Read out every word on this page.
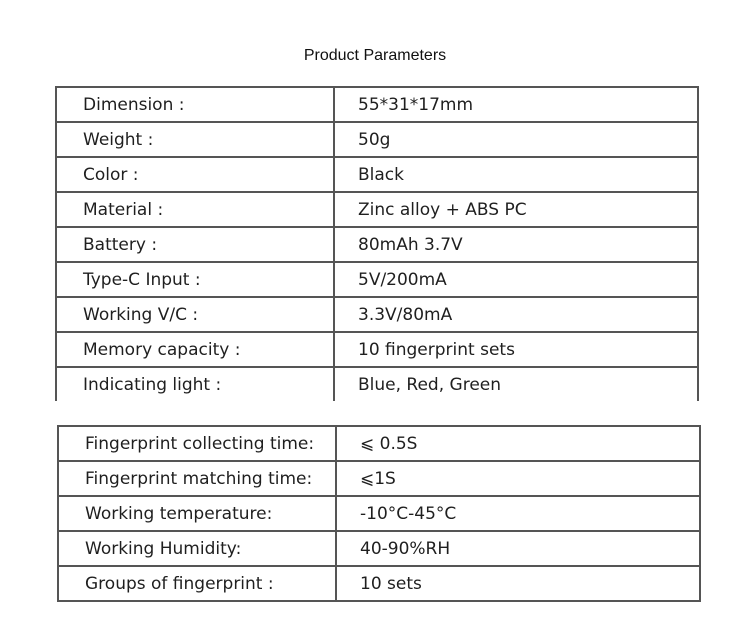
Product Parameters
Dimension :	55*31*17mm
Weight :	50g
Color :	Black
Material :	Zinc alloy + ABS PC
Battery :	80mAh 3.7V
Type-C Input :	5V/200mA
Working V/C :	3.3V/80mA
Memory capacity :	10 fingerprint sets
Indicating light :	Blue, Red, Green
Fingerprint collecting time:	⩽ 0.5S
Fingerprint matching time:	⩽1S
Working temperature:	-10°C-45°C
Working Humidity:	40-90%RH
Groups of fingerprint :	10 sets
